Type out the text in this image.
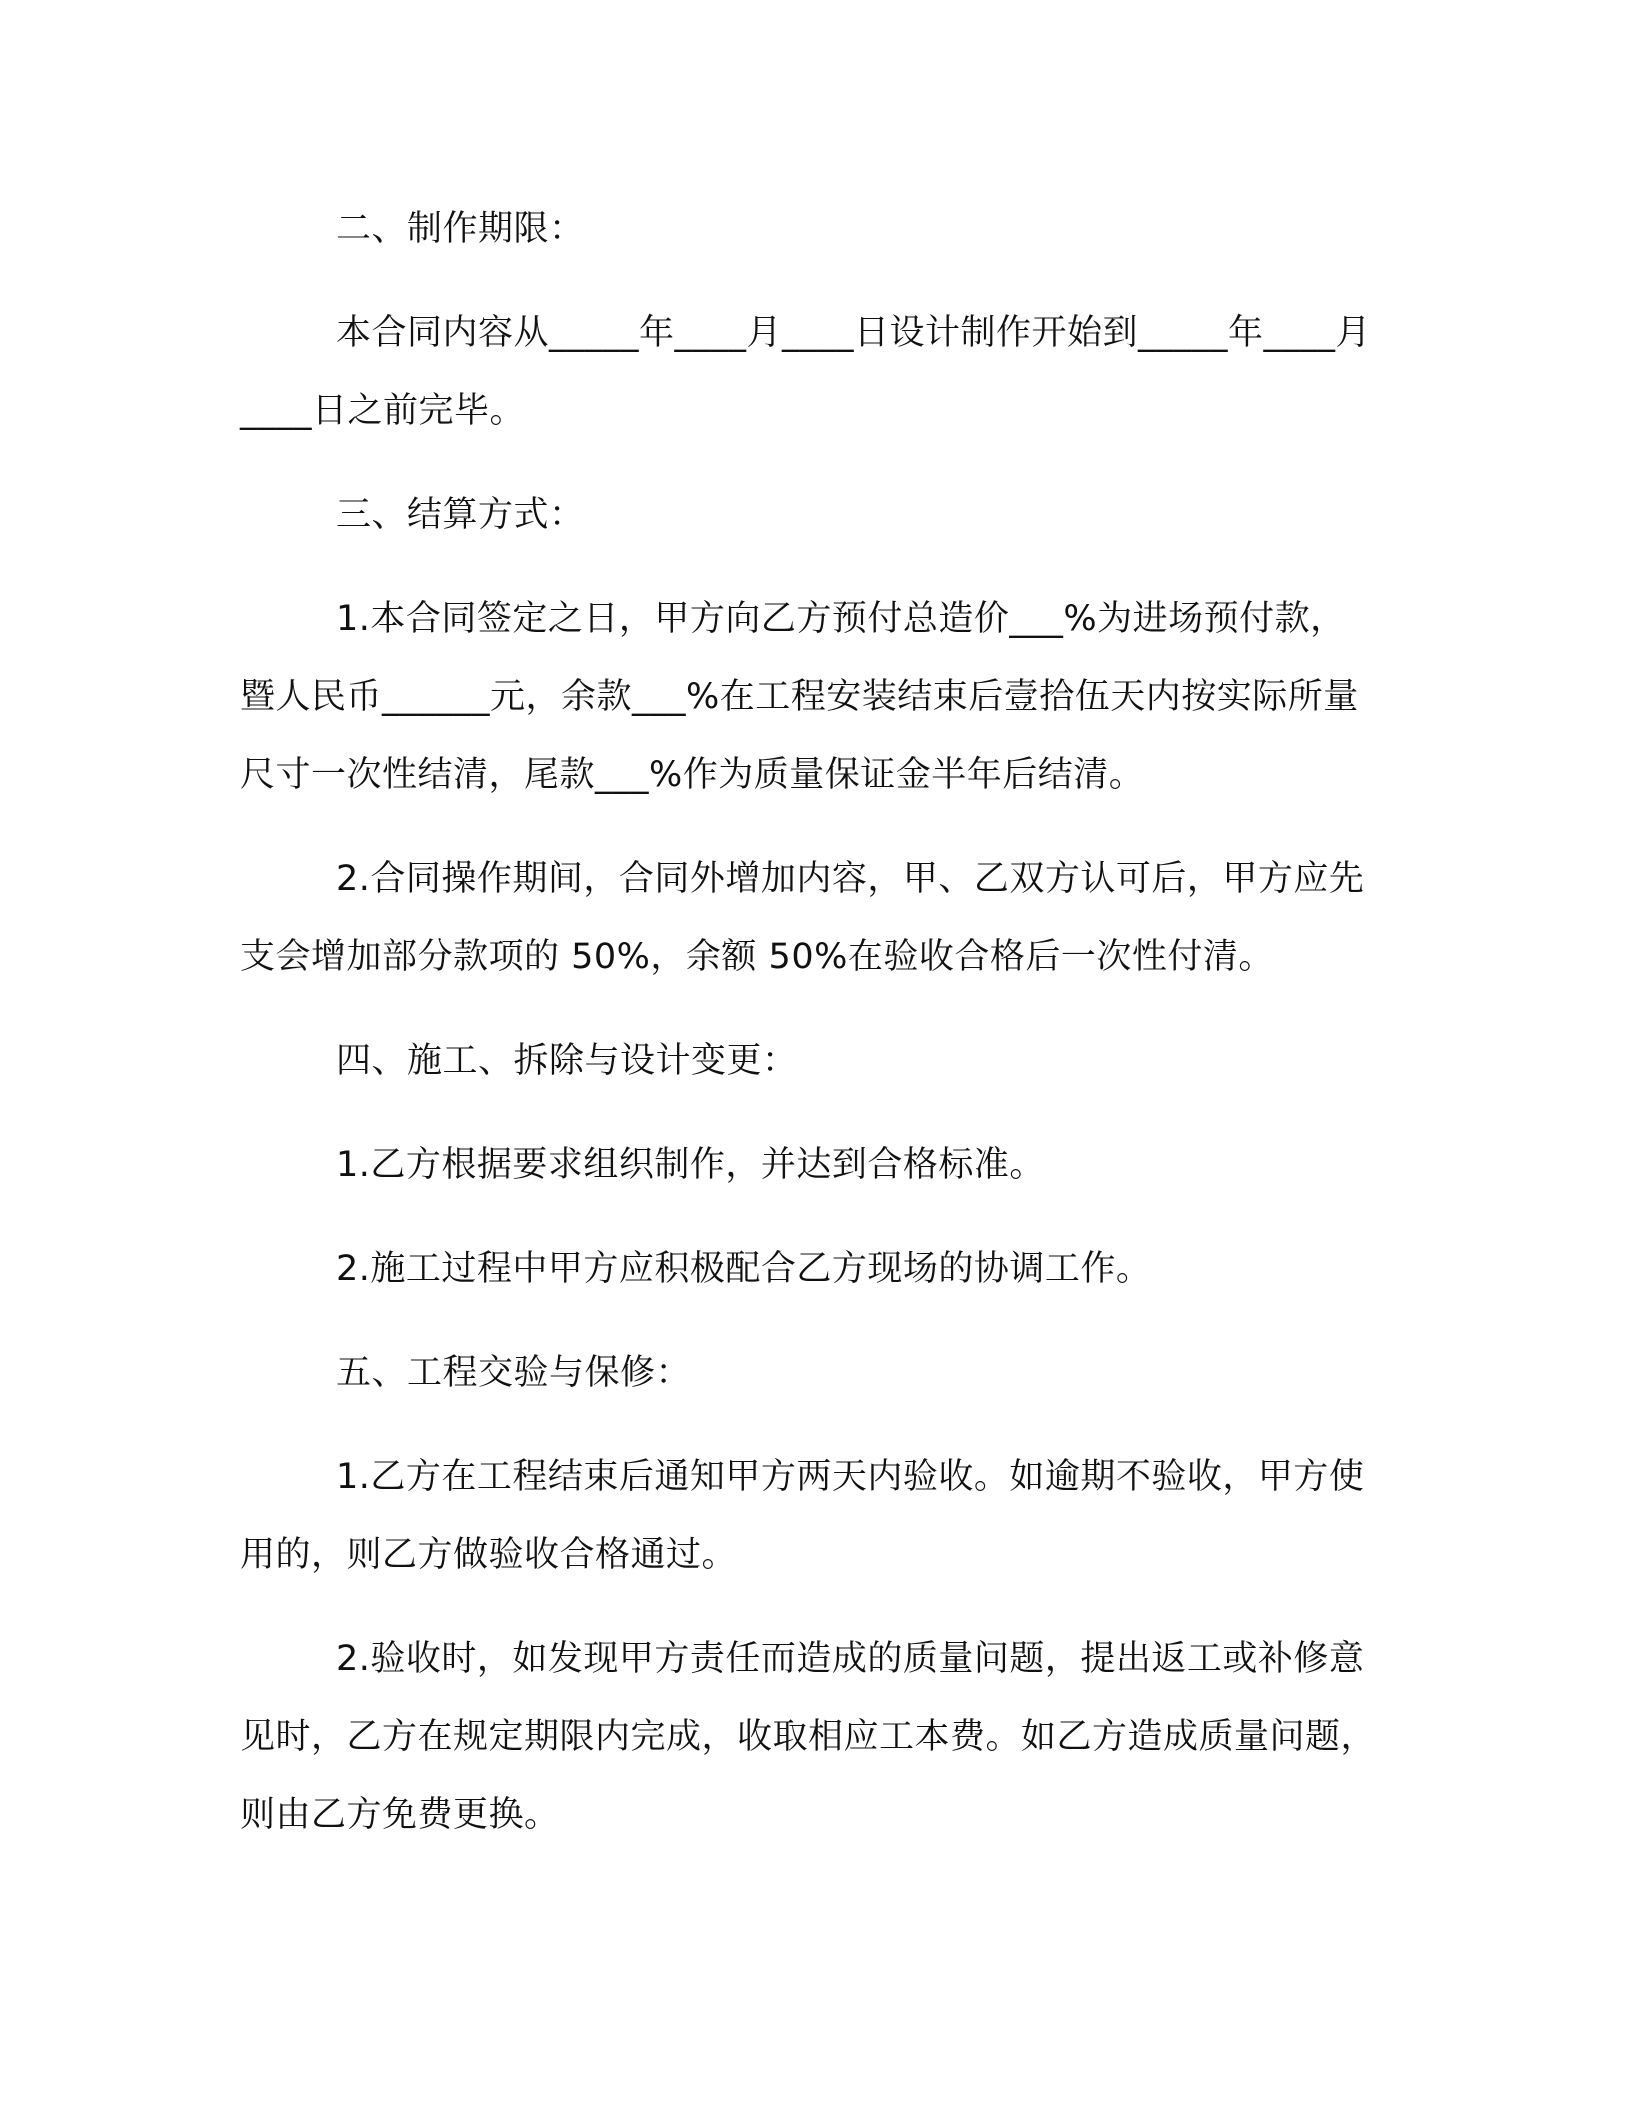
二、制作期限：

本合同内容从_____年____月____日设计制作开始到_____年____月____日之前完毕。

三、结算方式：

1.本合同签定之日，甲方向乙方预付总造价___%为进场预付款，暨人民币______元，余款___%在工程安装结束后壹拾伍天内按实际所量尺寸一次性结清，尾款___%作为质量保证金半年后结清。

2.合同操作期间，合同外增加内容，甲、乙双方认可后，甲方应先支会增加部分款项的 50%，余额 50%在验收合格后一次性付清。

四、施工、拆除与设计变更：

1.乙方根据要求组织制作，并达到合格标准。

2.施工过程中甲方应积极配合乙方现场的协调工作。

五、工程交验与保修：

1.乙方在工程结束后通知甲方两天内验收。如逾期不验收，甲方使用的，则乙方做验收合格通过。

2.验收时，如发现甲方责任而造成的质量问题，提出返工或补修意见时，乙方在规定期限内完成，收取相应工本费。如乙方造成质量问题，则由乙方免费更换。
